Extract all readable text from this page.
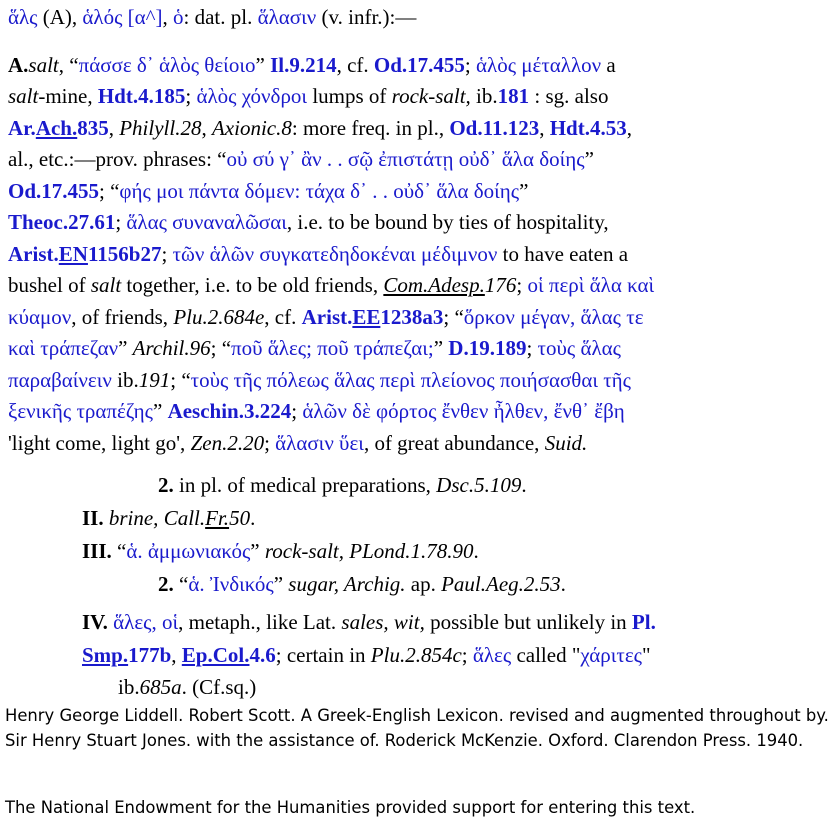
ἅλς (A), ἁλός [α^], ὁ: dat. pl. ἅλασιν (v. infr.):—
A.salt, “πάσσε δ᾽ ἁλὸς θείοιο” Il.9.214, cf. Od.17.455; ἁλὸς μέταλλον a
salt-mine, Hdt.4.185; ἁλὸς χόνδροι lumps of rock-salt, ib.181 : sg. also
Ar.Ach.835, Philyll.28, Axionic.8: more freq. in pl., Od.11.123, Hdt.4.53,
al., etc.:—prov. phrases: “οὐ σύ γ᾽ ἂν . . σῷ ἐπιστάτῃ οὐδ᾽ ἅλα δοίης”
Od.17.455; “φής μοι πάντα δόμεν: τάχα δ᾽ . . οὐδ᾽ ἅλα δοίης”
Theoc.27.61; ἅλας συναναλῶσαι, i.e. to be bound by ties of hospitality,
Arist.EN1156b27; τῶν ἁλῶν συγκατεδηδοκέναι μέδιμνον to have eaten a
bushel of salt together, i.e. to be old friends, Com.Adesp.176; οἱ περὶ ἅλα καὶ
κύαμον, of friends, Plu.2.684e, cf. Arist.EE1238a3; “ὅρκον μέγαν, ἅλας τε
καὶ τράπεζαν” Archil.96; “ποῦ ἅλες; ποῦ τράπεζαι;” D.19.189; τοὺς ἅλας
παραβαίνειν ib.191; “τοὺς τῆς πόλεως ἅλας περὶ πλείονος ποιήσασθαι τῆς
ξενικῆς τραπέζης” Aeschin.3.224; ἁλῶν δὲ φόρτος ἔνθεν ἦλθεν, ἔνθ᾽ ἔβη
'light come, light go', Zen.2.20; ἅλασιν ὕει, of great abundance, Suid.
2. in pl. of medical preparations, Dsc.5.109.
II. brine, Call.Fr.50.
III. “ἁ. ἀμμωνιακός” rock-salt, PLond.1.78.90.
2. “ἁ. Ἰνδικός” sugar, Archig. ap. Paul.Aeg.2.53.
IV. ἅλες, οἱ, metaph., like Lat. sales, wit, possible but unlikely in Pl.
Smp.177b, Ep.Col.4.6; certain in Plu.2.854c; ἅλες called "χάριτες"
ib.685a. (Cf.sq.)
Henry George Liddell. Robert Scott. A Greek-English Lexicon. revised and augmented throughout by. Sir Henry Stuart Jones. with the assistance of. Roderick McKenzie. Oxford. Clarendon Press. 1940.
The National Endowment for the Humanities provided support for entering this text.
